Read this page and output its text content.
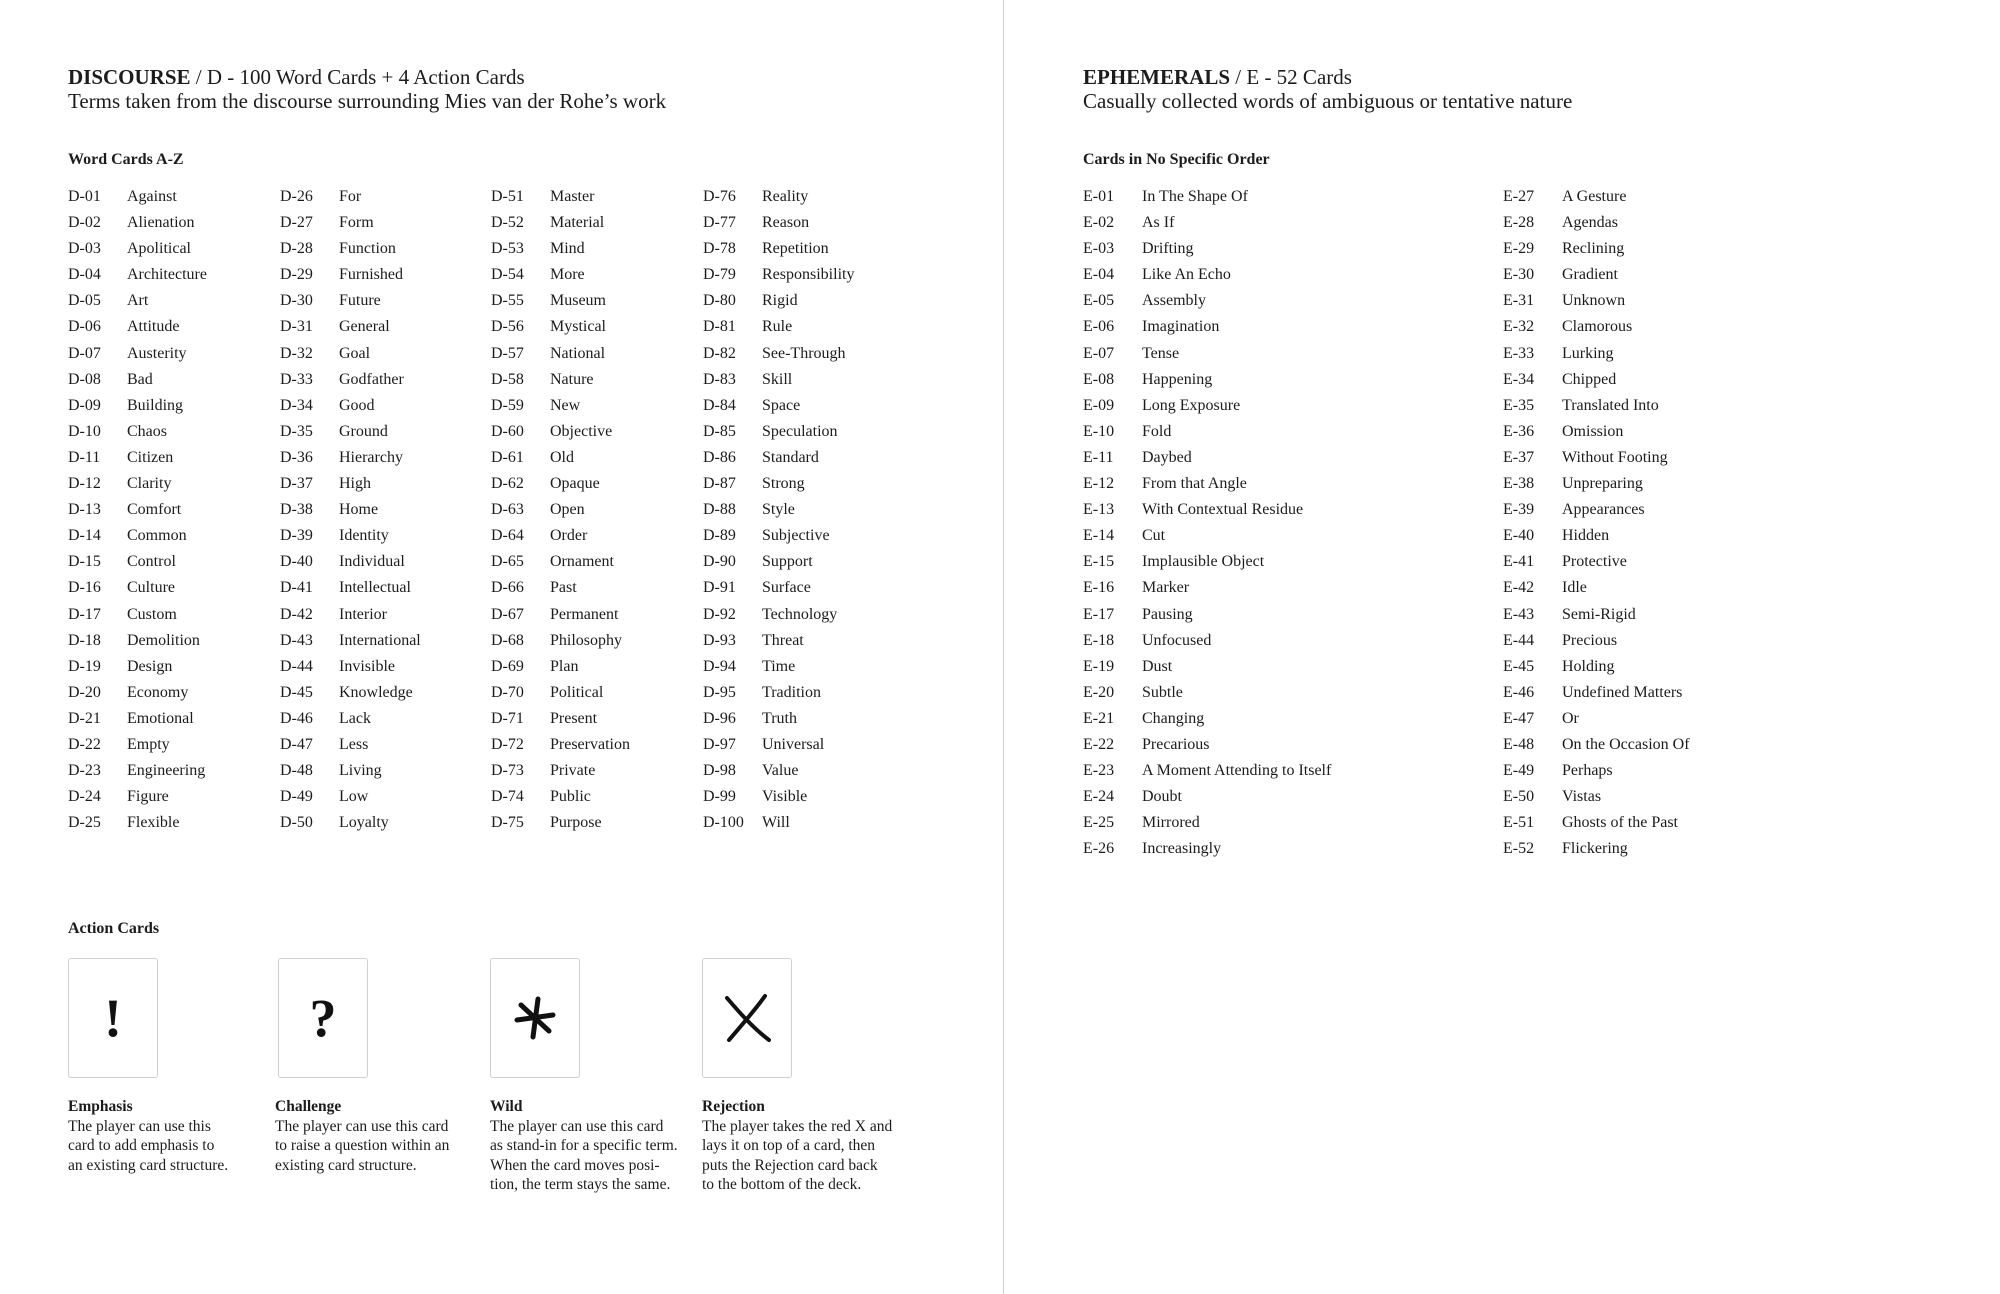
DISCOURSE / D - 100 Word Cards + 4 Action Cards
Terms taken from the discourse surrounding Mies van der Rohe’s work
Word Cards A-Z
D-01	Against
D-02	Alienation
D-03	Apolitical
D-04	Architecture
D-05	Art
D-06	Attitude
D-07	Austerity
D-08	Bad
D-09	Building
D-10	Chaos
D-11	Citizen
D-12	Clarity
D-13	Comfort
D-14	Common
D-15	Control
D-16	Culture
D-17	Custom
D-18	Demolition
D-19	Design
D-20	Economy
D-21	Emotional
D-22	Empty
D-23	Engineering
D-24	Figure
D-25	Flexible
D-26	For
D-27	Form
D-28	Function
D-29	Furnished
D-30	Future
D-31	General
D-32	Goal
D-33	Godfather
D-34	Good
D-35	Ground
D-36	Hierarchy
D-37	High
D-38	Home
D-39	Identity
D-40	Individual
D-41	Intellectual
D-42	Interior
D-43	International
D-44	Invisible
D-45	Knowledge
D-46	Lack
D-47	Less
D-48	Living
D-49	Low
D-50	Loyalty
D-51	Master
D-52	Material
D-53	Mind
D-54	More
D-55	Museum
D-56	Mystical
D-57	National
D-58	Nature
D-59	New
D-60	Objective
D-61	Old
D-62	Opaque
D-63	Open
D-64	Order
D-65	Ornament
D-66	Past
D-67	Permanent
D-68	Philosophy
D-69	Plan
D-70	Political
D-71	Present
D-72	Preservation
D-73	Private
D-74	Public
D-75	Purpose
D-76	Reality
D-77	Reason
D-78	Repetition
D-79	Responsibility
D-80	Rigid
D-81	Rule
D-82	See-Through
D-83	Skill
D-84	Space
D-85	Speculation
D-86	Standard
D-87	Strong
D-88	Style
D-89	Subjective
D-90	Support
D-91	Surface
D-92	Technology
D-93	Threat
D-94	Time
D-95	Tradition
D-96	Truth
D-97	Universal
D-98	Value
D-99	Visible
D-100	Will
Action Cards
!	?
Emphasis
The player can use this
card to add emphasis to
an existing card structure.
Challenge
The player can use this card
to raise a question within an
existing card structure.
Wild
The player can use this card
as stand-in for a specific term.
When the card moves posi-
tion, the term stays the same.
Rejection
The player takes the red X and
lays it on top of a card, then
puts the Rejection card back
to the bottom of the deck.
EPHEMERALS / E - 52 Cards
Casually collected words of ambiguous or tentative nature
Cards in No Specific Order
E-01	In The Shape Of
E-02	As If
E-03	Drifting
E-04	Like An Echo
E-05	Assembly
E-06	Imagination
E-07	Tense
E-08	Happening
E-09	Long Exposure
E-10	Fold
E-11	Daybed
E-12	From that Angle
E-13	With Contextual Residue
E-14	Cut
E-15	Implausible Object
E-16	Marker
E-17	Pausing
E-18	Unfocused
E-19	Dust
E-20	Subtle
E-21	Changing
E-22	Precarious
E-23	A Moment Attending to Itself
E-24	Doubt
E-25	Mirrored
E-26	Increasingly
E-27	A Gesture
E-28	Agendas
E-29	Reclining
E-30	Gradient
E-31	Unknown
E-32	Clamorous
E-33	Lurking
E-34	Chipped
E-35	Translated Into
E-36	Omission
E-37	Without Footing
E-38	Unpreparing
E-39	Appearances
E-40	Hidden
E-41	Protective
E-42	Idle
E-43	Semi-Rigid
E-44	Precious
E-45	Holding
E-46	Undefined Matters
E-47	Or
E-48	On the Occasion Of
E-49	Perhaps
E-50	Vistas
E-51	Ghosts of the Past
E-52	Flickering
